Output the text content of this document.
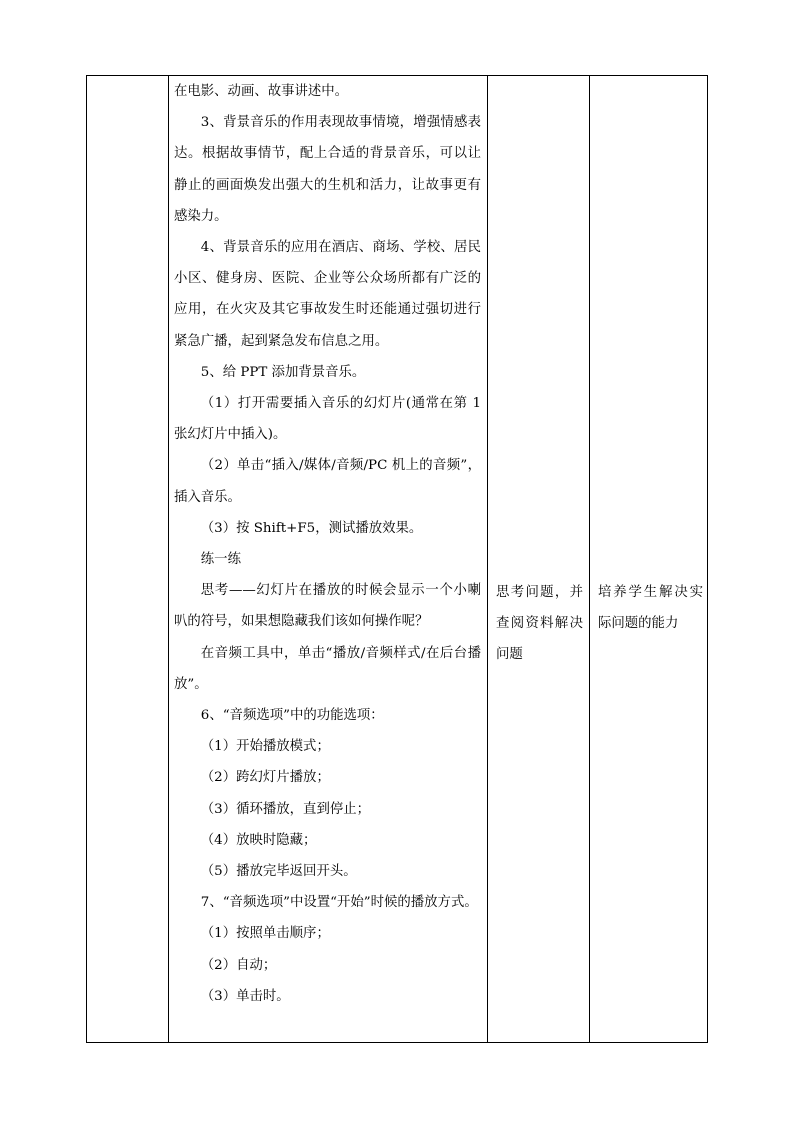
在电影、动画、故事讲述中。

3、背景音乐的作用表现故事情境，增强情感表达。根据故事情节，配上合适的背景音乐，可以让静止的画面焕发出强大的生机和活力，让故事更有感染力。

4、背景音乐的应用在酒店、商场、学校、居民小区、健身房、医院、企业等公众场所都有广泛的应用，在火灾及其它事故发生时还能通过强切进行紧急广播，起到紧急发布信息之用。

5、给 PPT 添加背景音乐。

（1）打开需要插入音乐的幻灯片(通常在第 1 张幻灯片中插入)。

（2）单击“插入/媒体/音频/PC 机上的音频”，插入音乐。

（3）按 Shift+F5，测试播放效果。

练一练

思考——幻灯片在播放的时候会显示一个小喇叭的符号，如果想隐藏我们该如何操作呢？

在音频工具中，单击“播放/音频样式/在后台播放”。

6、“音频选项”中的功能选项：

（1）开始播放模式；

（2）跨幻灯片播放；

（3）循环播放，直到停止；

（4）放映时隐藏；

（5）播放完毕返回开头。

7、“音频选项”中设置“开始”时候的播放方式。

（1）按照单击顺序；

（2）自动；

（3）单击时。

思考问题，并查阅资料解决问题

培养学生解决实际问题的能力
